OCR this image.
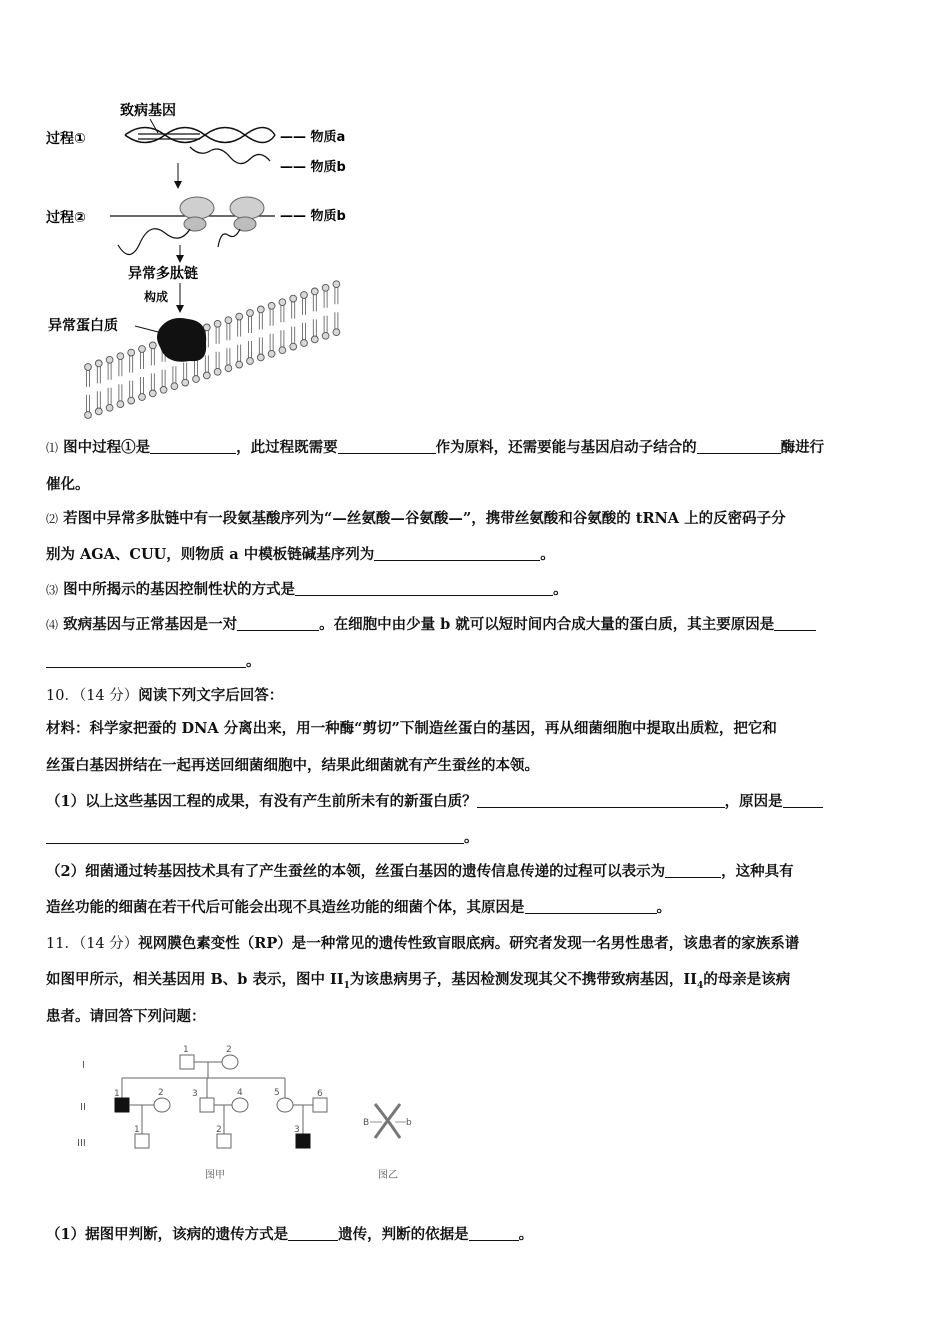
致病基因
过程①	—— 物质a
—— 物质b
过程②	—— 物质b
异常多肽链
构成
异常蛋白质
⑴ 图中过程①是	，此过程既需要	作为原料，还需要能与基因启动子结合的	酶进行
催化。
⑵ 若图中异常多肽链中有一段氨基酸序列为“—丝氨酸—谷氨酸—”，携带丝氨酸和谷氨酸的 tRNA 上的反密码子分
别为 AGA、CUU，则物质 a 中模板链碱基序列为	。
⑶ 图中所揭示的基因控制性状的方式是	。
⑷ 致病基因与正常基因是一对	。在细胞中由少量 b 就可以短时间内合成大量的蛋白质，其主要原因是
。
10．（14 分）阅读下列文字后回答：
材料：科学家把蚕的 DNA 分离出来，用一种酶“剪切”下制造丝蛋白的基因，再从细菌细胞中提取出质粒，把它和
丝蛋白基因拼结在一起再送回细菌细胞中，结果此细菌就有产生蚕丝的本领。
（1）以上这些基因工程的成果，有没有产生前所未有的新蛋白质？	，原因是
。
（2）细菌通过转基因技术具有了产生蚕丝的本领，丝蛋白基因的遗传信息传递的过程可以表示为	，这种具有
造丝功能的细菌在若干代后可能会出现不具造丝功能的细菌个体，其原因是	。
11．（14 分）视网膜色素变性（RP）是一种常见的遗传性致盲眼底病。研究者发现一名男性患者，该患者的家族系谱
如图甲所示，相关基因用 B、b 表示，图中 $II_1$为该患病男子，基因检测发现其父不携带致病基因，$II_4$的母亲是该病
患者。请回答下列问题：
I
II
III
1	2
1	2	3	4	5	6
1	2	3
B	b
图甲	图乙
（1）据图甲判断，该病的遗传方式是	遗传，判断的依据是	。
